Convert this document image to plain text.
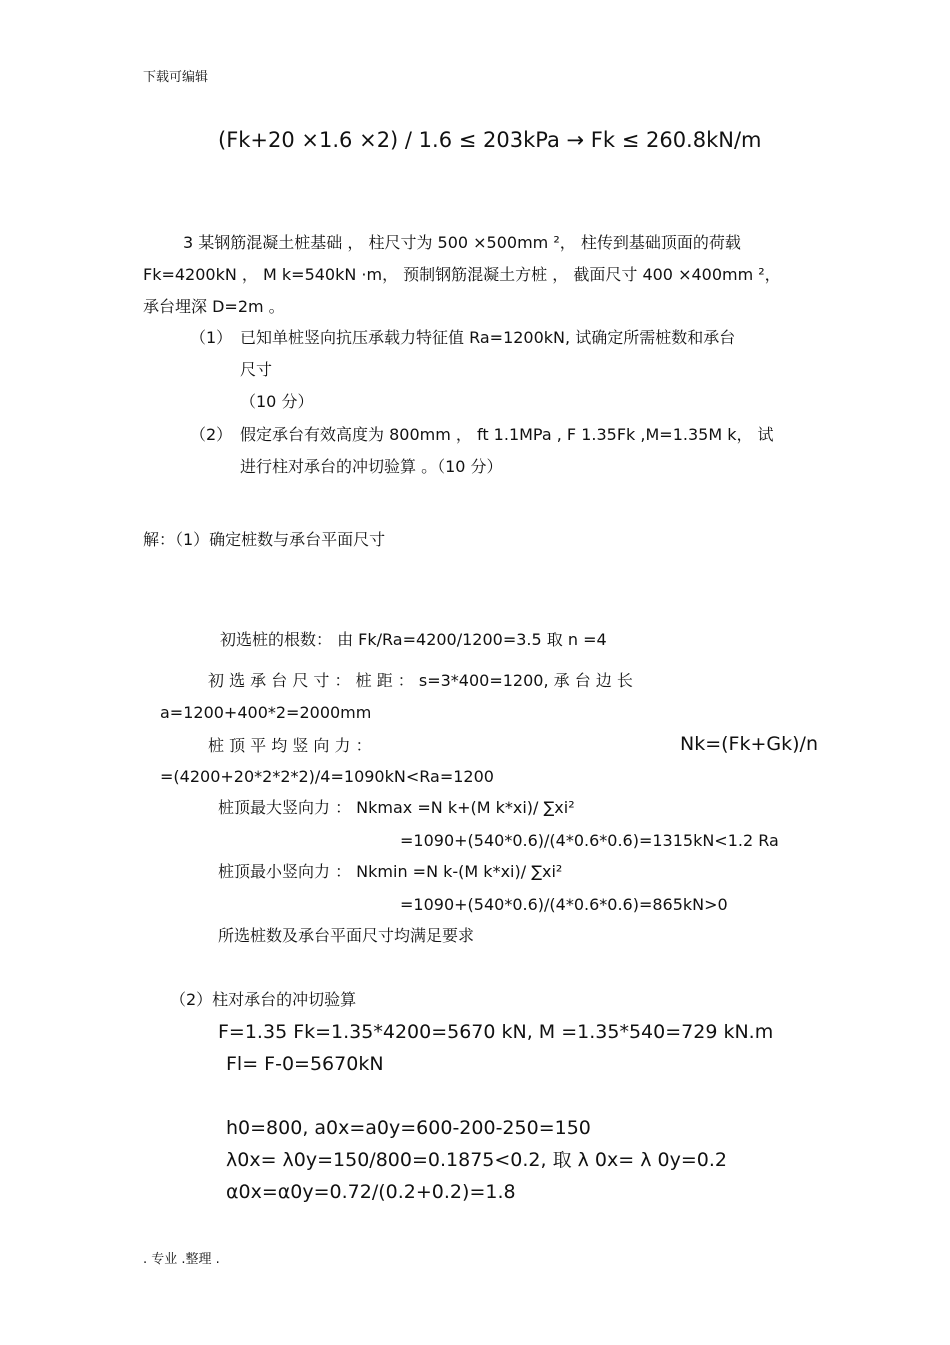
下载可编辑
(Fk+20 ×1.6 ×2) / 1.6 ≤ 203kPa → Fk ≤ 260.8kN/m
3 某钢筋混凝土桩基础 ， 柱尺寸为 500 ×500mm ²， 柱传到基础顶面的荷载
Fk=4200kN ， M k=540kN ·m， 预制钢筋混凝土方桩 ， 截面尺寸 400 ×400mm ²，
承台埋深 D=2m 。
（1） 已知单桩竖向抗压承载力特征值 Ra=1200kN, 试确定所需桩数和承台
尺寸
（10 分）
（2） 假定承台有效高度为 800mm ， ft 1.1MPa , F 1.35Fk ,M=1.35M k， 试
进行柱对承台的冲切验算 。（10 分）
解：（1）确定桩数与承台平面尺寸
初选桩的根数： 由 Fk/Ra=4200/1200=3.5 取 n =4
初 选 承 台 尺 寸 ： 桩 距 ： s=3*400=1200, 承 台 边 长
a=1200+400*2=2000mm
桩 顶 平 均 竖 向 力 ：	Nk=(Fk+Gk)/n
=(4200+20*2*2*2)/4=1090kN<Ra=1200
桩顶最大竖向力 ： Nkmax =N k+(M k*xi)/ ∑xi²
=1090+(540*0.6)/(4*0.6*0.6)=1315kN<1.2 Ra
桩顶最小竖向力 ： Nkmin =N k-(M k*xi)/ ∑xi²
=1090+(540*0.6)/(4*0.6*0.6)=865kN>0
所选桩数及承台平面尺寸均满足要求
（2）柱对承台的冲切验算
F=1.35 Fk=1.35*4200=5670 kN, M =1.35*540=729 kN.m
Fl= F-0=5670kN
h0=800, a0x=a0y=600-200-250=150
λ0x= λ0y=150/800=0.1875<0.2, 取 λ 0x= λ 0y=0.2
α0x=α0y=0.72/(0.2+0.2)=1.8
. 专业 .整理 .
